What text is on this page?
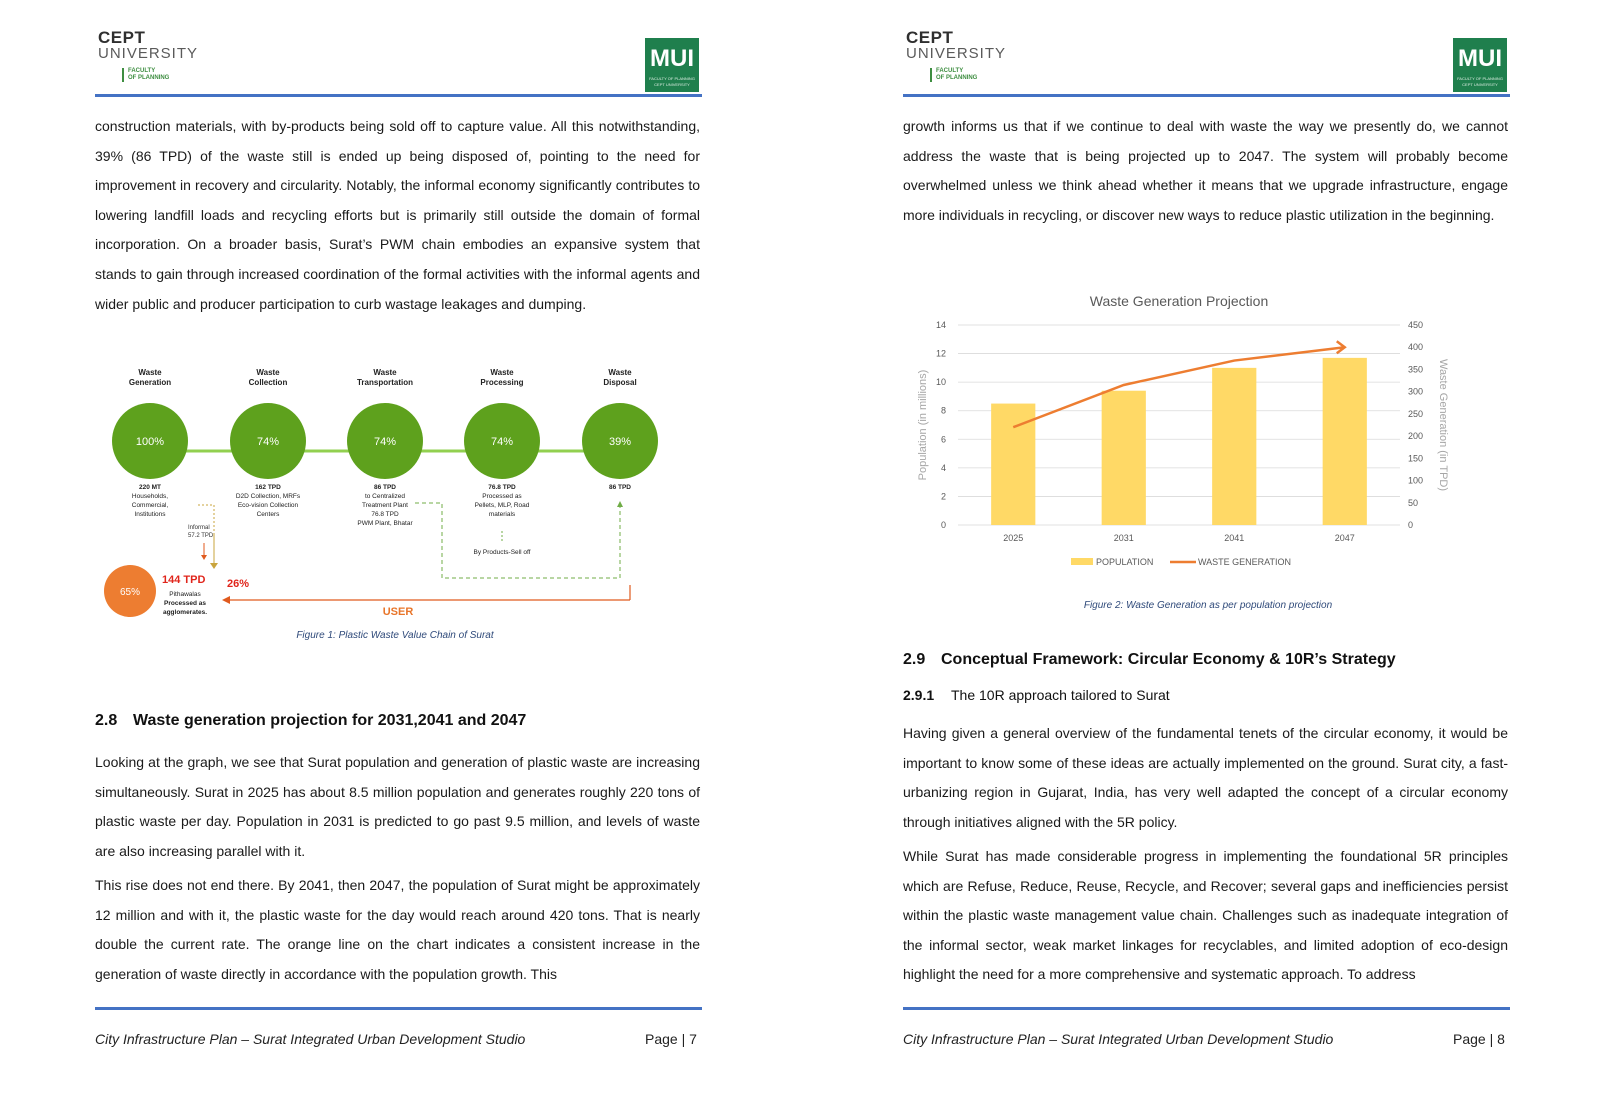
CEPT
UNIVERSITY
FACULTY
OF PLANNING
MUI
FACULTY OF PLANNING
CEPT UNIVERSITY
construction materials, with by-products being sold off to capture value. All this notwithstanding, 39% (86 TPD) of the waste still is ended up being disposed of, pointing to the need for improvement in recovery and circularity. Notably, the informal economy significantly contributes to lowering landfill loads and recycling efforts but is primarily still outside the domain of formal incorporation. On a broader basis, Surat’s PWM chain embodies an expansive system that stands to gain through increased coordination of the formal activities with the informal agents and wider public and producer participation to curb wastage leakages and dumping.
Waste
Generation
100%
220 MT
Households,
Commercial,
Institutions
Waste
Collection
74%
162 TPD
D2D Collection, MRFs
Eco-vision Collection
Centers
Waste
Transportation
74%
86 TPD
to Centralized
Treatment Plant
76.8 TPD
PWM Plant, Bhatar
Waste
Processing
74%
76.8 TPD
Processed as
Pellets, MLP, Road
materials
Waste
Disposal
39%
86 TPD
Informal
57.2 TPD
65%
144 TPD
Pithawalas
Processed as
agglomerates.
26%
USER
By Products-Sell off
Figure 1: Plastic Waste Value Chain of Surat
2.8 Waste generation projection for 2031,2041 and 2047
Looking at the graph, we see that Surat population and generation of plastic waste are increasing simultaneously. Surat in 2025 has about 8.5 million population and generates roughly 220 tons of plastic waste per day. Population in 2031 is predicted to go past 9.5 million, and levels of waste are also increasing parallel with it.
This rise does not end there. By 2041, then 2047, the population of Surat might be approximately 12 million and with it, the plastic waste for the day would reach around 420 tons. That is nearly double the current rate. The orange line on the chart indicates a consistent increase in the generation of waste directly in accordance with the population growth. This
City Infrastructure Plan – Surat Integrated Urban Development Studio	Page | 7
CEPT
UNIVERSITY
FACULTY
OF PLANNING
MUI
FACULTY OF PLANNING
CEPT UNIVERSITY
growth informs us that if we continue to deal with waste the way we presently do, we cannot address the waste that is being projected up to 2047. The system will probably become overwhelmed unless we think ahead whether it means that we upgrade infrastructure, engage more individuals in recycling, or discover new ways to reduce plastic utilization in the beginning.
Figure 2: Waste Generation as per population projection
2.9 Conceptual Framework: Circular Economy & 10R’s Strategy
2.9.1 The 10R approach tailored to Surat
Having given a general overview of the fundamental tenets of the circular economy, it would be important to know some of these ideas are actually implemented on the ground. Surat city, a fast-urbanizing region in Gujarat, India, has very well adapted the concept of a circular economy through initiatives aligned with the 5R policy.
While Surat has made considerable progress in implementing the foundational 5R principles which are Refuse, Reduce, Reuse, Recycle, and Recover; several gaps and inefficiencies persist within the plastic waste management value chain. Challenges such as inadequate integration of the informal sector, weak market linkages for recyclables, and limited adoption of eco-design highlight the need for a more comprehensive and systematic approach. To address
City Infrastructure Plan – Surat Integrated Urban Development Studio	Page | 8
Waste Generation Projection
0
2
4
6
8
10
12
14
0
50
100
150
200
250
300
350
400
450
Population (in millions)	Waste Generation (in TPD)
2025	2031	2041	2047
POPULATION	WASTE GENERATION
